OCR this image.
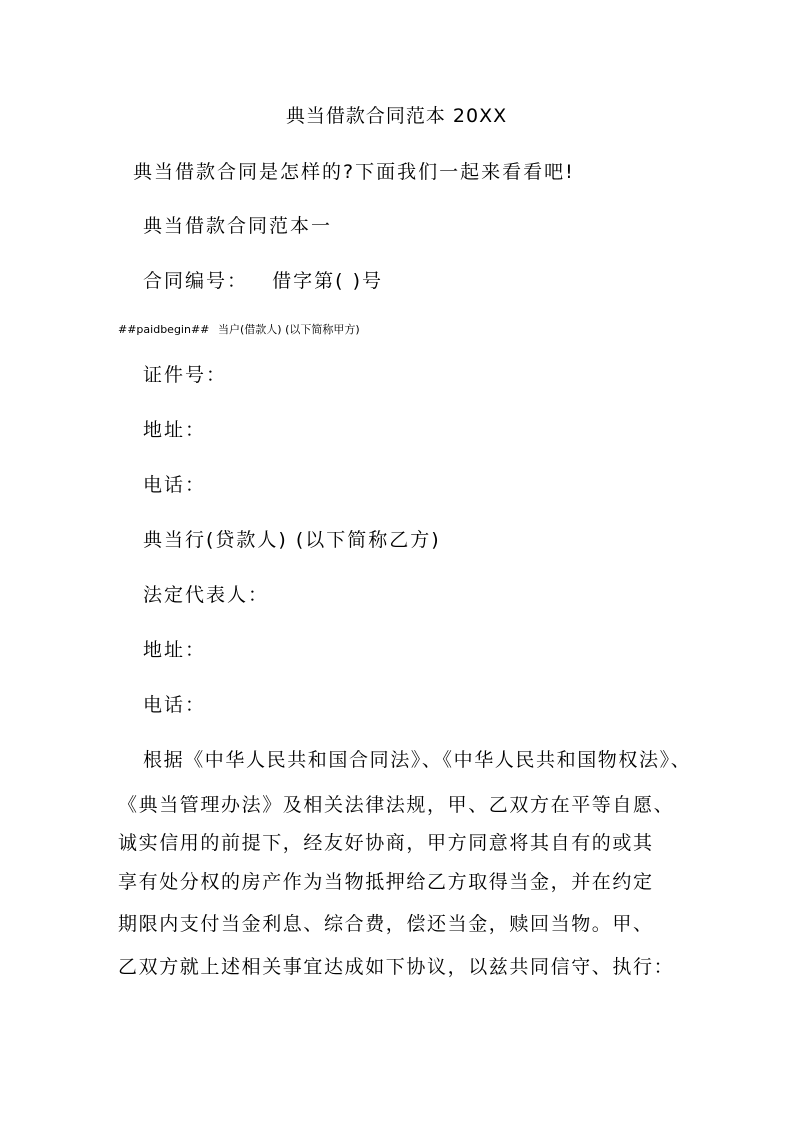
典当借款合同范本 20XX
典当借款合同是怎样的?下面我们一起来看看吧!
典当借款合同范本一
合同编号：   借字第( )号
##paidbegin## 当户(借款人) (以下简称甲方)
证件号：
地址：
电话：
典当行(贷款人) (以下简称乙方)
法定代表人：
地址：
电话：
根据《中华人民共和国合同法》、《中华人民共和国物权法》、
《典当管理办法》及相关法律法规，甲、乙双方在平等自愿、
诚实信用的前提下，经友好协商，甲方同意将其自有的或其
享有处分权的房产作为当物抵押给乙方取得当金，并在约定
期限内支付当金利息、综合费，偿还当金，赎回当物。甲、
乙双方就上述相关事宜达成如下协议，以兹共同信守、执行：
